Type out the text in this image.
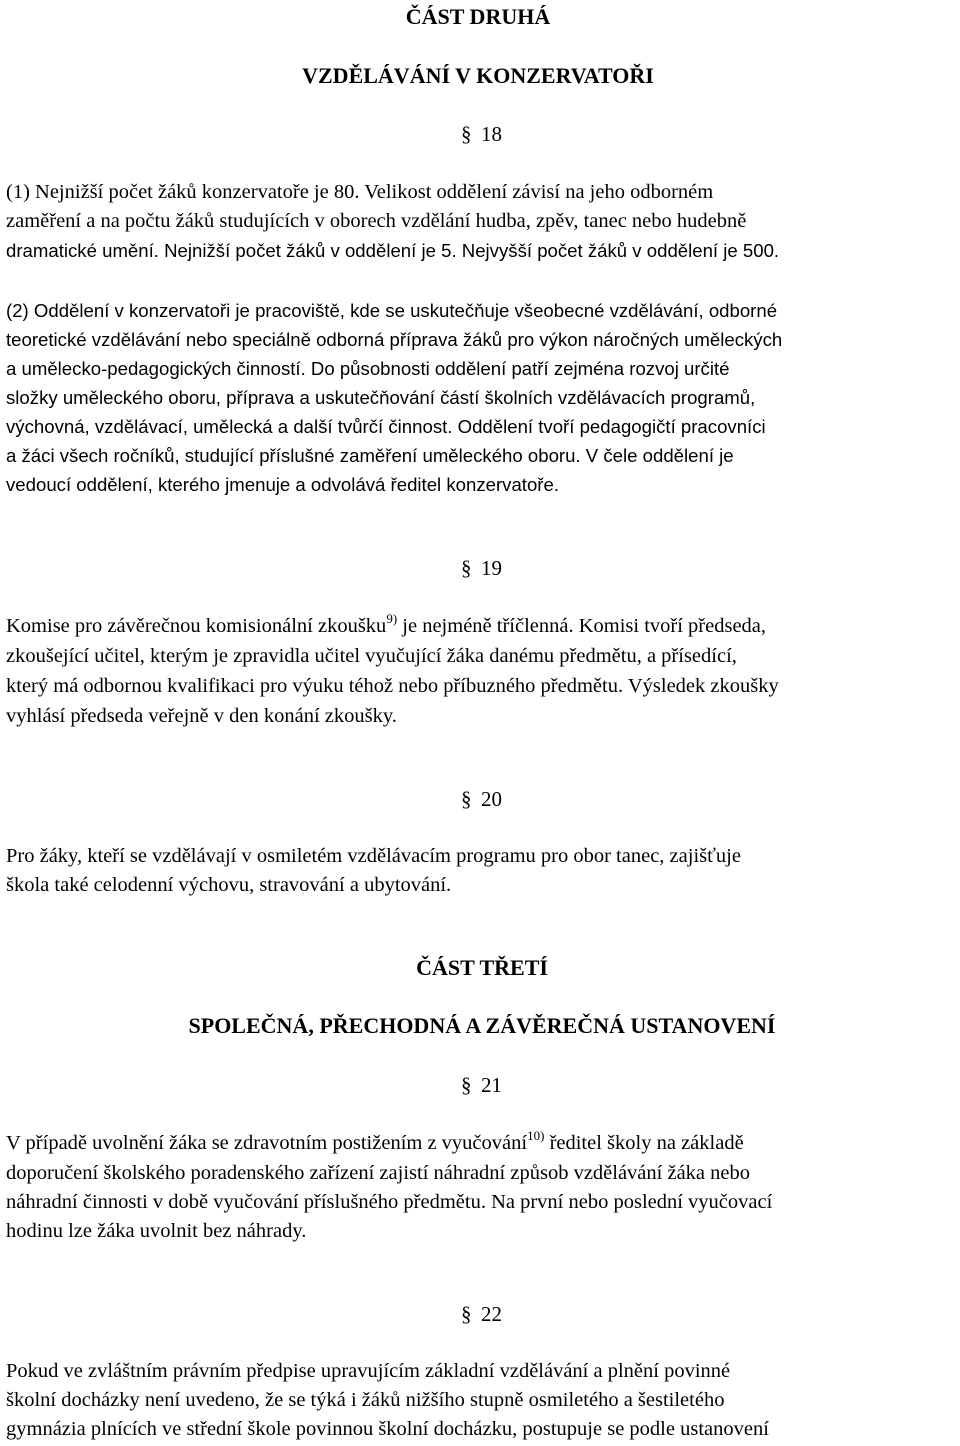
ČÁST DRUHÁ
VZDĚLÁVÁNÍ V KONZERVATOŘI
§ 18
(1) Nejnižší počet žáků konzervatoře je 80. Velikost oddělení závisí na jeho odborném
zaměření a na počtu žáků studujících v oborech vzdělání hudba, zpěv, tanec nebo hudebně
dramatické umění. Nejnižší počet žáků v oddělení je 5. Nejvyšší počet žáků v oddělení je 500.
(2) Oddělení v konzervatoři je pracoviště, kde se uskutečňuje všeobecné vzdělávání, odborné
teoretické vzdělávání nebo speciálně odborná příprava žáků pro výkon náročných uměleckých
a umělecko-pedagogických činností. Do působnosti oddělení patří zejména rozvoj určité
složky uměleckého oboru, příprava a uskutečňování částí školních vzdělávacích programů,
výchovná, vzdělávací, umělecká a další tvůrčí činnost. Oddělení tvoří pedagogičtí pracovníci
a žáci všech ročníků, studující příslušné zaměření uměleckého oboru. V čele oddělení je
vedoucí oddělení, kterého jmenuje a odvolává ředitel konzervatoře.
§ 19
Komise pro závěrečnou komisionální zkoušku$^{9)}$ je nejméně tříčlenná. Komisi tvoří předseda,
zkoušející učitel, kterým je zpravidla učitel vyučující žáka danému předmětu, a přísedící,
který má odbornou kvalifikaci pro výuku téhož nebo příbuzného předmětu. Výsledek zkoušky
vyhlásí předseda veřejně v den konání zkoušky.
§ 20
Pro žáky, kteří se vzdělávají v osmiletém vzdělávacím programu pro obor tanec, zajišťuje
škola také celodenní výchovu, stravování a ubytování.
ČÁST TŘETÍ
SPOLEČNÁ, PŘECHODNÁ A ZÁVĚREČNÁ USTANOVENÍ
§ 21
V případě uvolnění žáka se zdravotním postižením z vyučování$^{10)}$ ředitel školy na základě
doporučení školského poradenského zařízení zajistí náhradní způsob vzdělávání žáka nebo
náhradní činnosti v době vyučování příslušného předmětu. Na první nebo poslední vyučovací
hodinu lze žáka uvolnit bez náhrady.
§ 22
Pokud ve zvláštním právním předpise upravujícím základní vzdělávání a plnění povinné
školní docházky není uvedeno, že se týká i žáků nižšího stupně osmiletého a šestiletého
gymnázia plnících ve střední škole povinnou školní docházku, postupuje se podle ustanovení
